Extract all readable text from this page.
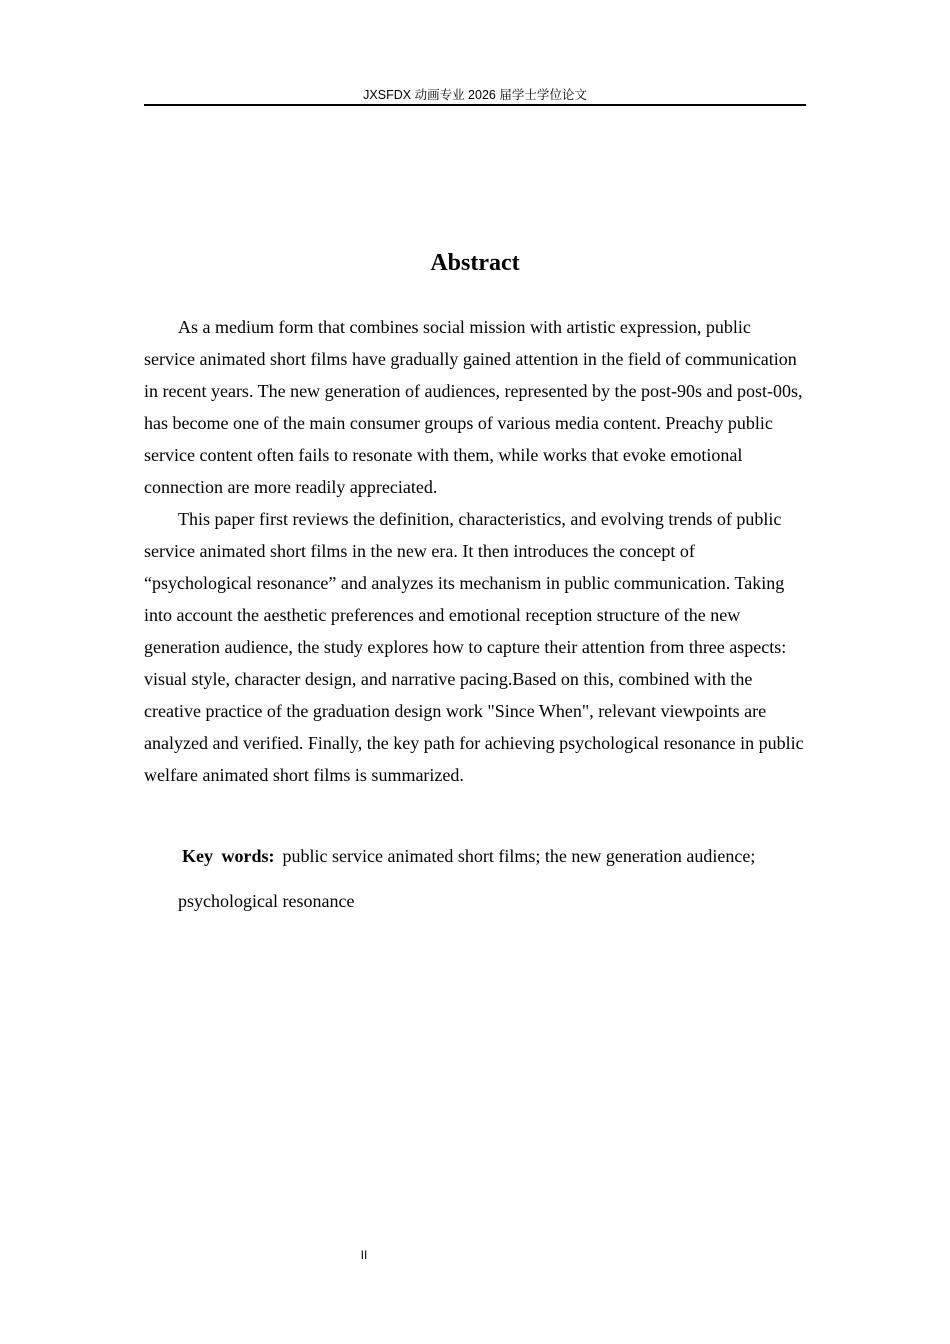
JXSFDX 动画专业 2026 届学士学位论文
Abstract

As a medium form that combines social mission with artistic expression, public service animated short films have gradually gained attention in the field of communication in recent years. The new generation of audiences, represented by the post-90s and post-00s, has become one of the main consumer groups of various media content. Preachy public service content often fails to resonate with them, while works that evoke emotional connection are more readily appreciated.

This paper first reviews the definition, characteristics, and evolving trends of public service animated short films in the new era. It then introduces the concept of “psychological resonance” and analyzes its mechanism in public communication. Taking into account the aesthetic preferences and emotional reception structure of the new generation audience, the study explores how to capture their attention from three aspects: visual style, character design, and narrative pacing.Based on this, combined with the creative practice of the graduation design work "Since When", relevant viewpoints are analyzed and verified. Finally, the key path for achieving psychological resonance in public welfare animated short films is summarized.

Key words: public service animated short films; the new generation audience;
psychological resonance
II
